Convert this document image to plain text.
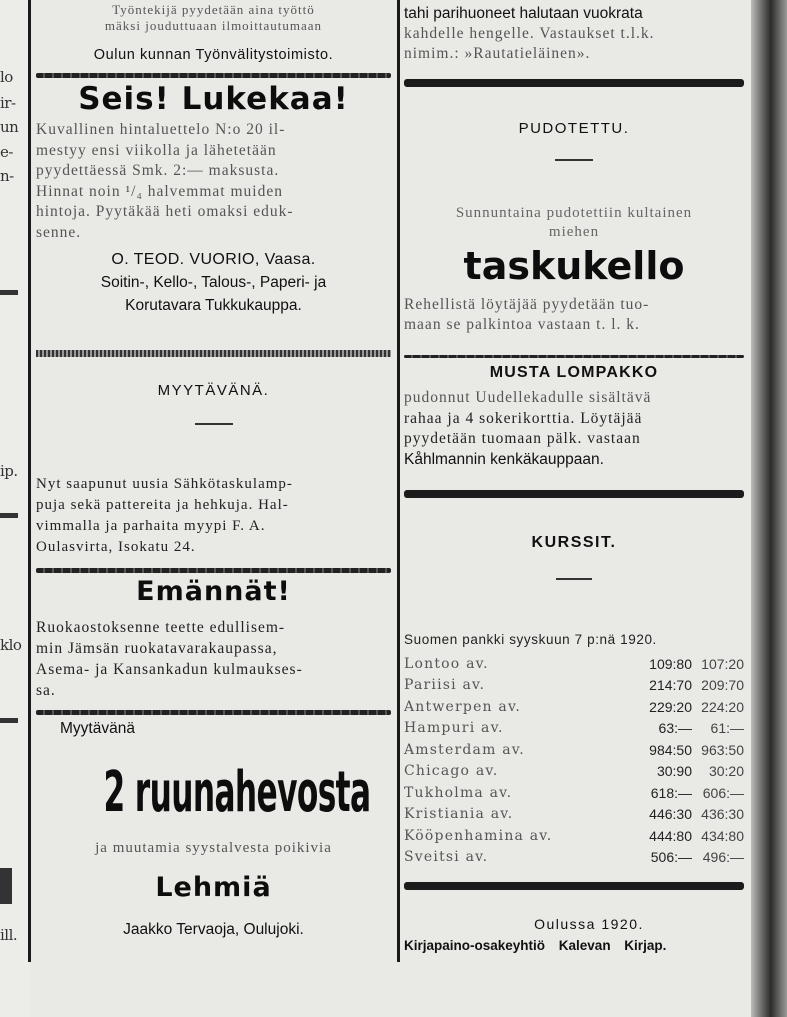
lo
ir-
un
e-
n-
ip.
klo
ill.
Työntekijä pyydetään aina työttö
mäksi jouduttuaan ilmoittautumaan
Oulun kunnan Työnvälitystoimisto.
Seis! Lukekaa!
Kuvallinen hintaluettelo N:o 20 il-
mestyy ensi viikolla ja lähetetään
pyydettäessä Smk. 2:— maksusta.
Hinnat noin ¹/₄ halvemmat muiden
hintoja. Pyytäkää heti omaksi eduk-
senne.
O. TEOD. VUORIO, Vaasa.
Soitin-, Kello-, Talous-, Paperi- ja
Korutavara Tukkukauppa.
MYYTÄVÄNÄ.
Nyt saapunut uusia Sähkötaskulamp-
puja sekä pattereita ja hehkuja. Hal-
vimmalla ja parhaita myypi F. A.
Oulasvirta, Isokatu 24.
Emännät!
Ruokaostoksenne teette edullisem-
min Jämsän ruokatavarakaupassa,
Asema- ja Kansankadun kulmaukses-
sa.
Myytävänä
2 ruunahevosta
ja muutamia syystalvesta poikivia
Lehmiä
Jaakko Tervaoja, Oulujoki.
tahi parihuoneet halutaan vuokrata
kahdelle hengelle. Vastaukset t.l.k.
nimim.: »Rautatieläinen».
PUDOTETTU.
Sunnuntaina pudotettiin kultainen
miehen
taskukello
Rehellistä löytäjää pyydetään tuo-
maan se palkintoa vastaan t. l. k.
MUSTA LOMPAKKO
pudonnut Uudellekadulle sisältävä
rahaa ja 4 sokerikorttia. Löytäjää
pyydetään tuomaan pälk. vastaan
Kåhlmannin kenkäkauppaan.
KURSSIT.
Suomen pankki syyskuun 7 p:nä 1920.
Lontoo av.	109:80	107:20
Pariisi av.	214:70	209:70
Antwerpen av.	229:20	224:20
Hampuri av.	63:—	61:—
Amsterdam av.	984:50	963:50
Chicago av.	30:90	30:20
Tukholma av.	618:—	606:—
Kristiania av.	446:30	436:30
Kööpenhamina av.	444:80	434:80
Sveitsi av.	506:—	496:—
Oulussa 1920.
Kirjapaino-osakeyhtiö Kalevan Kirjap.
